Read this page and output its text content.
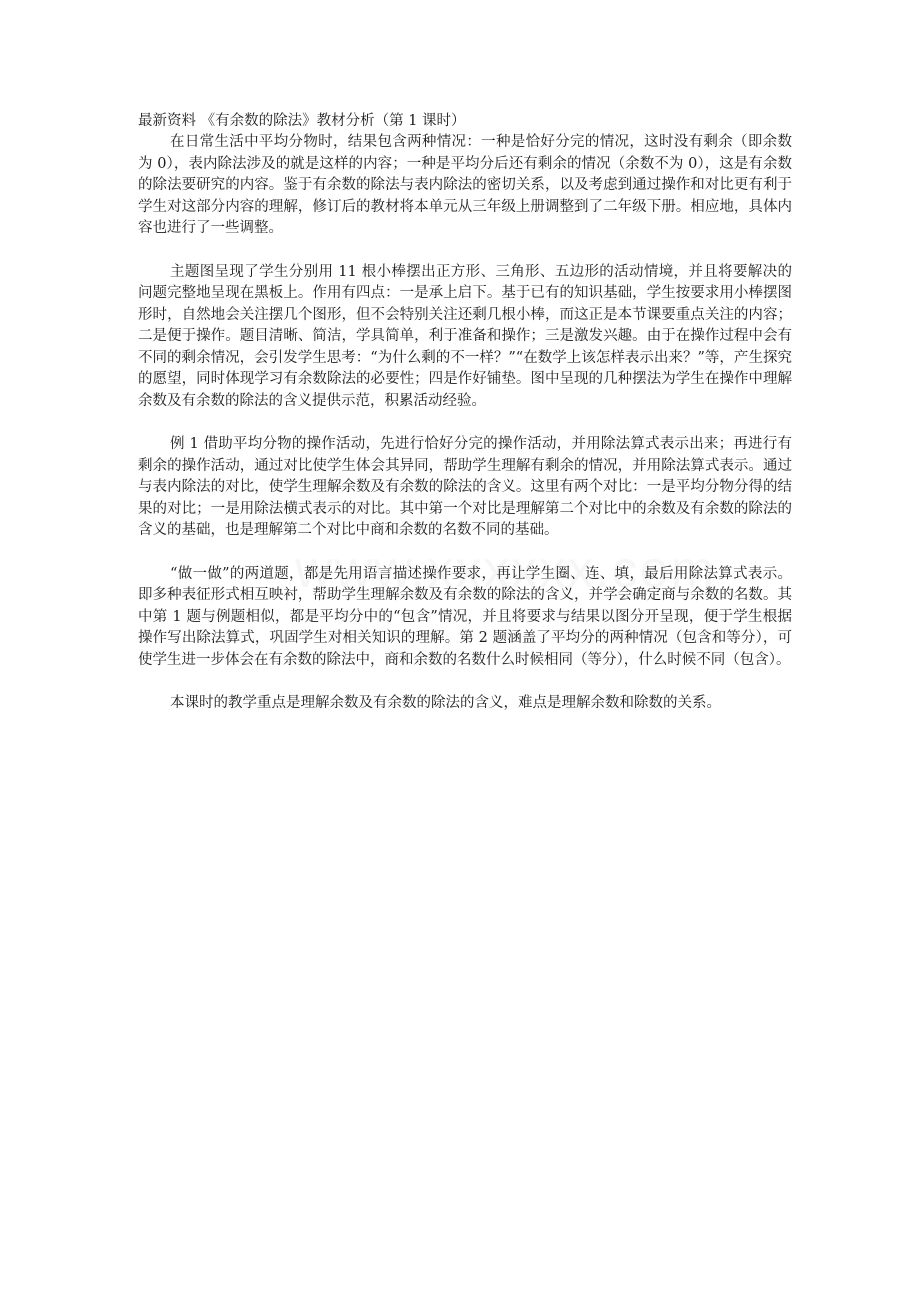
最新资料 《有余数的除法》教材分析（第 1 课时）

在日常生活中平均分物时，结果包含两种情况：一种是恰好分完的情况，这时没有剩余（即余数为 0），表内除法涉及的就是这样的内容；一种是平均分后还有剩余的情况（余数不为 0），这是有余数的除法要研究的内容。鉴于有余数的除法与表内除法的密切关系，以及考虑到通过操作和对比更有利于学生对这部分内容的理解，修订后的教材将本单元从三年级上册调整到了二年级下册。相应地，具体内容也进行了一些调整。

主题图呈现了学生分别用 11 根小棒摆出正方形、三角形、五边形的活动情境，并且将要解决的问题完整地呈现在黑板上。作用有四点：一是承上启下。基于已有的知识基础，学生按要求用小棒摆图形时，自然地会关注摆几个图形，但不会特别关注还剩几根小棒，而这正是本节课要重点关注的内容；二是便于操作。题目清晰、简洁，学具简单，利于准备和操作；三是激发兴趣。由于在操作过程中会有不同的剩余情况，会引发学生思考：“为什么剩的不一样？”“在数学上该怎样表示出来？”等，产生探究的愿望，同时体现学习有余数除法的必要性；四是作好铺垫。图中呈现的几种摆法为学生在操作中理解余数及有余数的除法的含义提供示范，积累活动经验。

例 1 借助平均分物的操作活动，先进行恰好分完的操作活动，并用除法算式表示出来；再进行有剩余的操作活动，通过对比使学生体会其异同，帮助学生理解有剩余的情况，并用除法算式表示。通过与表内除法的对比，使学生理解余数及有余数的除法的含义。这里有两个对比：一是平均分物分得的结果的对比；一是用除法横式表示的对比。其中第一个对比是理解第二个对比中的余数及有余数的除法的含义的基础，也是理解第二个对比中商和余数的名数不同的基础。

“做一做”的两道题，都是先用语言描述操作要求，再让学生圈、连、填，最后用除法算式表示。即多种表征形式相互映衬，帮助学生理解余数及有余数的除法的含义，并学会确定商与余数的名数。其中第 1 题与例题相似，都是平均分中的“包含”情况，并且将要求与结果以图分开呈现，便于学生根据操作写出除法算式，巩固学生对相关知识的理解。第 2 题涵盖了平均分的两种情况（包含和等分），可使学生进一步体会在有余数的除法中，商和余数的名数什么时候相同（等分），什么时候不同（包含）。

本课时的教学重点是理解余数及有余数的除法的含义，难点是理解余数和除数的关系。
